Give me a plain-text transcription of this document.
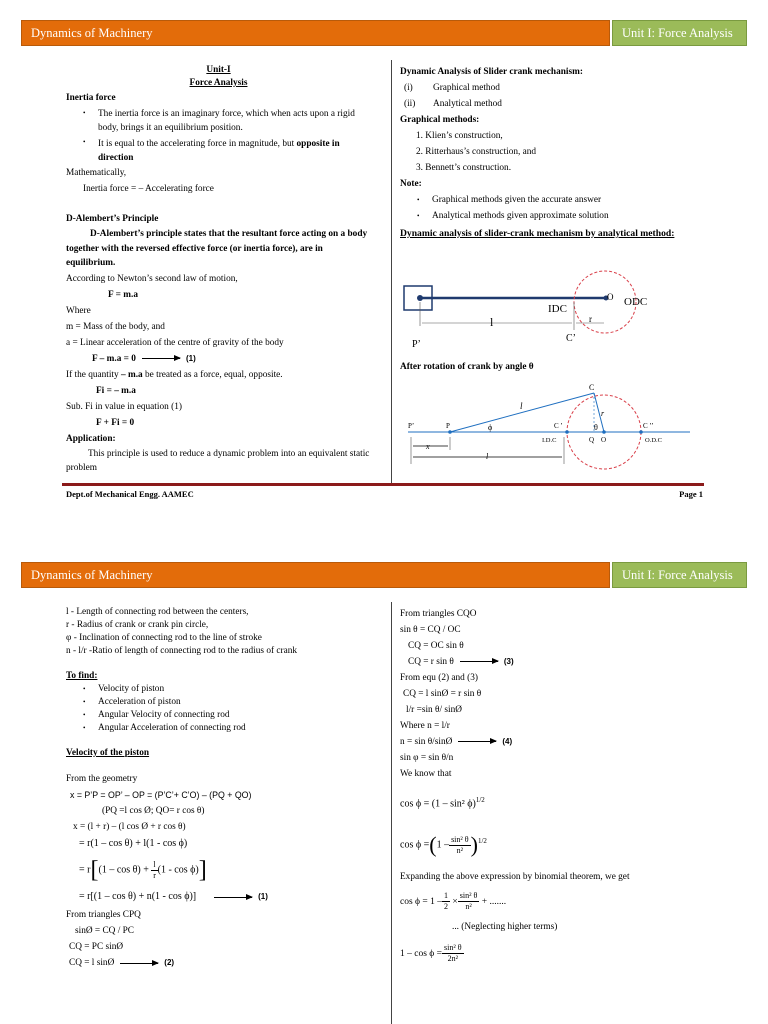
Dynamics of Machinery	Unit I: Force Analysis
Unit-I
Force Analysis
Inertia force
• The inertia force is an imaginary force, which when acts upon a rigid body, brings it an equilibrium position.
• It is equal to the accelerating force in magnitude, but opposite in direction
Mathematically,
Inertia force = – Accelerating force
D-Alembert’s Principle
D-Alembert’s principle states that the resultant force acting on a body together with the reversed effective force (or inertia force), are in equilibrium.
According to Newton’s second law of motion,
F = m.a
Where
m = Mass of the body, and
a = Linear acceleration of the centre of gravity of the body
F – m.a = 0	(1)
If the quantity – m.a be treated as a force, equal, opposite.
Fi = – m.a
Sub. Fi in value in equation (1)
F + Fi = 0
Application:
This principle is used to reduce a dynamic problem into an equivalent static problem
Dynamic Analysis of Slider crank mechanism:
(i) Graphical method
(ii) Analytical method
Graphical methods:
1. Klien’s construction,
2. Ritterhaus’s construction, and
3. Bennett’s construction.
Note:
• Graphical methods given the accurate answer
• Analytical methods given approximate solution
Dynamic analysis of slider-crank mechanism by analytical method:
IDC
ODC
l	r
O
C’
P’
After rotation of crank by angle θ
C
l
r
ϕ	θ
P’	P	C ’
I.D.C	Q O
C ’’
O.D.C
x
l
Dept.of Mechanical Engg. AAMEC	Page 1
Dynamics of Machinery	Unit I: Force Analysis
l - Length of connecting rod between the centers,
r - Radius of crank or crank pin circle,
φ - Inclination of connecting rod to the line of stroke
n - l/r -Ratio of length of connecting rod to the radius of crank
To find:
• Velocity of piston
• Acceleration of piston
• Angular Velocity of connecting rod
• Angular Acceleration of connecting rod
Velocity of the piston
From the geometry
x = P’P = OP’ – OP = (P’C’+ C’O) – (PQ + QO)
(PQ =l cos Ø; QO= r cos θ)
x = (l + r) – (l cos Ø + r cos θ)
= r(1 – cos θ) + l(1 - cos ϕ)
= $r[(1 - \cos \theta) + \frac{l}{r} (1 - \cos \phi)]$
= r[(1 – cos θ) + n(1 - cos ϕ)]	(1)
From triangles CPQ
sinØ = CQ / PC
CQ = PC sinØ
CQ = l sinØ	(2)
From triangles CQO
sin θ = CQ / OC
CQ = OC sin θ
CQ = r sin θ	(3)
From equ (2) and (3)
CQ = l sinØ = r sin θ
l/r =sin θ/ sinØ
Where n = l/r
n = sin θ/sinØ	(4)
sin φ = sin θ/n
We know that
cos ϕ = (1 – sin² ϕ)$^{1/2}$
$\cos \phi =(1 - \frac{\text{sin² θ}}{\text{n²}} )^{1/2}$
Expanding the above expression by binomial theorem, we get
$\cos \phi = 1 - \frac{1}{2} \times \frac{\text{sin² θ}}{\text{n²}}$ + .......
... (Neglecting higher terms)
$1 - \cos \phi = \frac{\text{sin² θ}}{\text{2n²}}$
